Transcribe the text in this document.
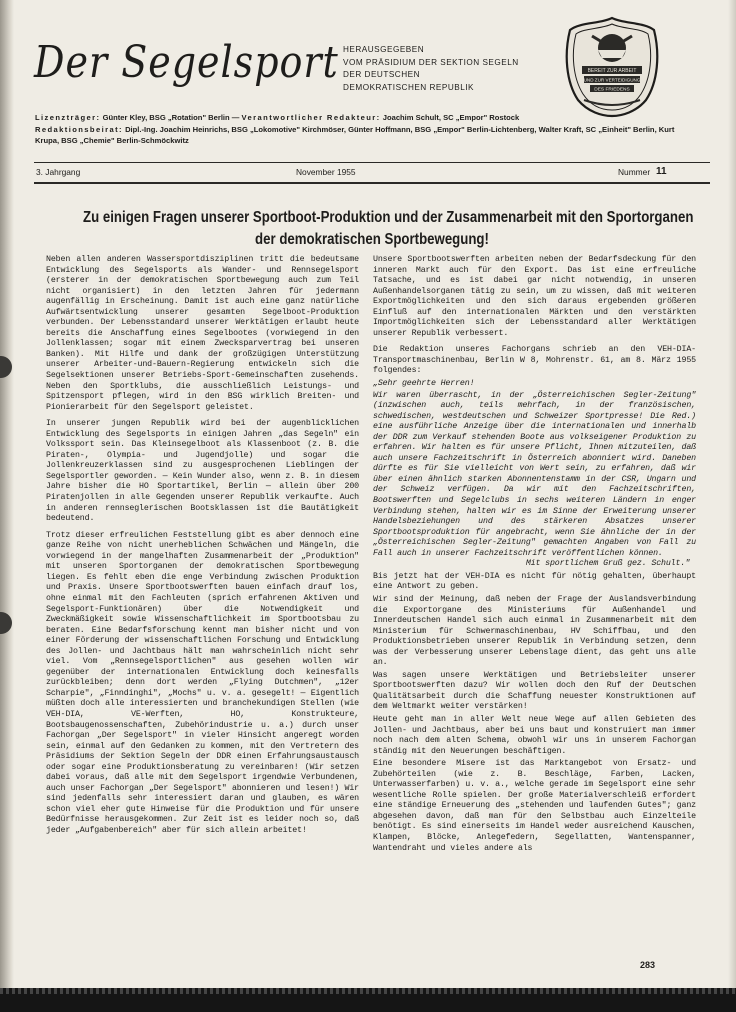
Der Segelsport HERAUSGEGEBEN
VOM PRÄSIDIUM DER SEKTION SEGELN
DER DEUTSCHEN
DEMOKRATISCHEN REPUBLIK
BEREIT ZUR ARBEIT
UND ZUR VERTEIDIGUNG
DES FRIEDENS
Lizenzträger: Günter Kley, BSG „Rotation" Berlin — Verantwortlicher Redakteur: Joachim Schult, SC „Empor" Rostock
Redaktionsbeirat: Dipl.-Ing. Joachim Heinrichs, BSG „Lokomotive" Kirchmöser, Günter Hoffmann, BSG „Empor" Berlin-Lichtenberg, Walter Kraft, SC „Einheit" Berlin, Kurt Krupa, BSG „Chemie" Berlin-Schmöckwitz
3. Jahrgang	November 1955	Nummer 11
Zu einigen Fragen unserer Sportboot-Produktion und der Zusammenarbeit mit den Sportorganen
der demokratischen Sportbewegung!

Neben allen anderen Wassersportdisziplinen tritt die bedeutsame Entwicklung des Segelsports als Wander- und Rennsegelsport (ersterer in der demokratischen Sportbewegung auch zum Teil nicht organisiert) in den letzten Jahren für jedermann augenfällig in Erscheinung. Damit ist auch eine ganz natürliche Aufwärtsentwicklung unserer gesamten Segelboot-Produktion verbunden. Der Lebensstandard unserer Werktätigen erlaubt heute bereits die Anschaffung eines Segelbootes (vorwiegend in den Jollenklassen; sogar mit einem Zwecksparvertrag bei unseren Banken). Mit Hilfe und dank der großzügigen Unterstützung unserer Arbeiter-und-Bauern-Regierung entwickeln sich die Segelsektionen unserer Betriebs-Sport-Gemeinschaften zusehends. Neben den Sportklubs, die ausschließlich Leistungs- und Spitzensport pflegen, wird in den BSG wirklich Breiten- und Pionierarbeit für den Segelsport geleistet.

In unserer jungen Republik wird bei der augenblicklichen Entwicklung des Segelsports in einigen Jahren „das Segeln" ein Volkssport sein. Das Kleinsegelboot als Klassenboot (z. B. die Piraten-, Olympia- und Jugendjolle) und sogar die Jollenkreuzerklassen sind zu ausgesprochenen Lieblingen der Segelsportler geworden. — Kein Wunder also, wenn z. B. in diesem Jahre bisher die HO Sportartikel, Berlin — allein über 200 Piratenjollen in alle Gegenden unserer Republik verkaufte. Auch in anderen rennseglerischen Bootsklassen ist die Bautätigkeit bedeutend.

Trotz dieser erfreulichen Feststellung gibt es aber dennoch eine ganze Reihe von nicht unerheblichen Schwächen und Mängeln, die vorwiegend in der mangelhaften Zusammenarbeit der „Produktion" mit unseren Sportorganen der demokratischen Sportbewegung liegen. Es fehlt eben die enge Verbindung zwischen Produktion und Praxis. Unsere Sportbootswerften bauen einfach drauf los, ohne einmal mit den Fachleuten (sprich erfahrenen Aktiven und Segelsport-Funktionären) über die Notwendigkeit und Zweckmäßigkeit sowie Wissenschaftlichkeit im Sportbootsbau zu beraten. Eine Bedarfsforschung kennt man bisher nicht und von einer Förderung der wissenschaftlichen Forschung und Entwicklung des Jollen- und Jachtbaus hält man wahrscheinlich nicht sehr viel. Vom „Rennsegelsportlichen" aus gesehen wollen wir gegenüber der internationalen Entwicklung doch keinesfalls zurückbleiben; denn dort werden „Flying Dutchmen", „12er Scharpie", „Finndinghi", „Mochs" u. v. a. gesegelt! — Eigentlich müßten doch alle interessierten und branchekundigen Stellen (wie VEH-DIA, VE-Werften, HO, Konstrukteure, Bootsbaugenossenschaften, Zubehörindustrie u. a.) durch unser Fachorgan „Der Segelsport" in vieler Hinsicht angeregt worden sein, einmal auf den Gedanken zu kommen, mit den Vertretern des Präsidiums der Sektion Segeln der DDR einen Erfahrungsaustausch oder sogar eine Produktionsberatung zu vereinbaren! (Wir setzen dabei voraus, daß alle mit dem Segelsport irgendwie Verbundenen, auch unser Fachorgan „Der Segelsport" abonnieren und lesen!) Wir sind jedenfalls sehr interessiert daran und glauben, es wären schon viel eher gute Hinweise für die Produktion und für unsere Bedürfnisse herausgekommen. Zur Zeit ist es leider noch so, daß jeder „Aufgabenbereich" aber für sich allein arbeitet!

Unsere Sportbootswerften arbeiten neben der Bedarfsdeckung für den inneren Markt auch für den Export. Das ist eine erfreuliche Tatsache, und es ist dabei gar nicht notwendig, in unseren Außenhandelsorganen tätig zu sein, um zu wissen, daß mit weiteren Exportmöglichkeiten und den sich daraus ergebenden größeren Einfluß auf den internationalen Märkten und den verstärkten Importmöglichkeiten sich der Lebensstandard aller Werktätigen unserer Republik verbessert.

Die Redaktion unseres Fachorgans schrieb an den VEH-DIA-Transportmaschinenbau, Berlin W 8, Mohrenstr. 61, am 8. März 1955 folgendes:

„Sehr geehrte Herren!

Wir waren überrascht, in der „Österreichischen Segler-Zeitung" (inzwischen auch, teils mehrfach, in der französischen, schwedischen, westdeutschen und Schweizer Sportpresse! Die Red.) eine ausführliche Anzeige über die internationalen und innerhalb der DDR zum Verkauf stehenden Boote aus volkseigener Produktion zu erfahren. Wir halten es für unsere Pflicht, Ihnen mitzuteilen, daß auch unsere Fachzeitschrift in Österreich abonniert wird. Daneben dürfte es für Sie vielleicht von Wert sein, zu erfahren, daß wir über einen ähnlich starken Abonnentenstamm in der CSR, Ungarn und der Schweiz verfügen. Da wir mit den Fachzeitschriften, Bootswerften und Segelclubs in sechs weiteren Ländern in enger Verbindung stehen, halten wir es im Sinne der Erweiterung unserer Handelsbeziehungen und des stärkeren Absatzes unserer Sportbootsproduktion für angebracht, wenn Sie ähnliche der in der „Österreichischen Segler-Zeitung" gemachten Angaben von Fall zu Fall auch in unserer Fachzeitschrift veröffentlichen können.

Mit sportlichem Gruß gez. Schult."

Bis jetzt hat der VEH-DIA es nicht für nötig gehalten, überhaupt eine Antwort zu geben.

Wir sind der Meinung, daß neben der Frage der Auslandsverbindung die Exportorgane des Ministeriums für Außenhandel und Innerdeutschen Handel sich auch einmal in Zusammenarbeit mit dem Ministerium für Schwermaschinenbau, HV Schiffbau, und den Produktionsbetrieben unserer Republik in Verbindung setzen, denn was der Verbesserung unserer Lebenslage dient, das geht uns alle an.

Was sagen unsere Werktätigen und Betriebsleiter unserer Sportbootswerften dazu? Wir wollen doch den Ruf der Deutschen Qualitätsarbeit durch die Schaffung neuester Konstruktionen auf dem Weltmarkt weiter verstärken!

Heute geht man in aller Welt neue Wege auf allen Gebieten des Jollen- und Jachtbaus, aber bei uns baut und konstruiert man immer noch nach dem alten Schema, obwohl wir uns in unserem Fachorgan ständig mit den Neuerungen beschäftigen.

Eine besondere Misere ist das Marktangebot von Ersatz- und Zubehörteilen (wie z. B. Beschläge, Farben, Lacken, Unterwasserfarben) u. v. a., welche gerade im Segelsport eine sehr wesentliche Rolle spielen. Der große Materialverschleiß erfordert eine ständige Erneuerung des „stehenden und laufenden Gutes"; ganz abgesehen davon, daß man für den Selbstbau auch Einzelteile benötigt. Es sind einerseits im Handel weder ausreichend Kauschen, Klampen, Blöcke, Anlegefedern, Segellatten, Wantenspanner, Wantendraht und vieles andere als

283
